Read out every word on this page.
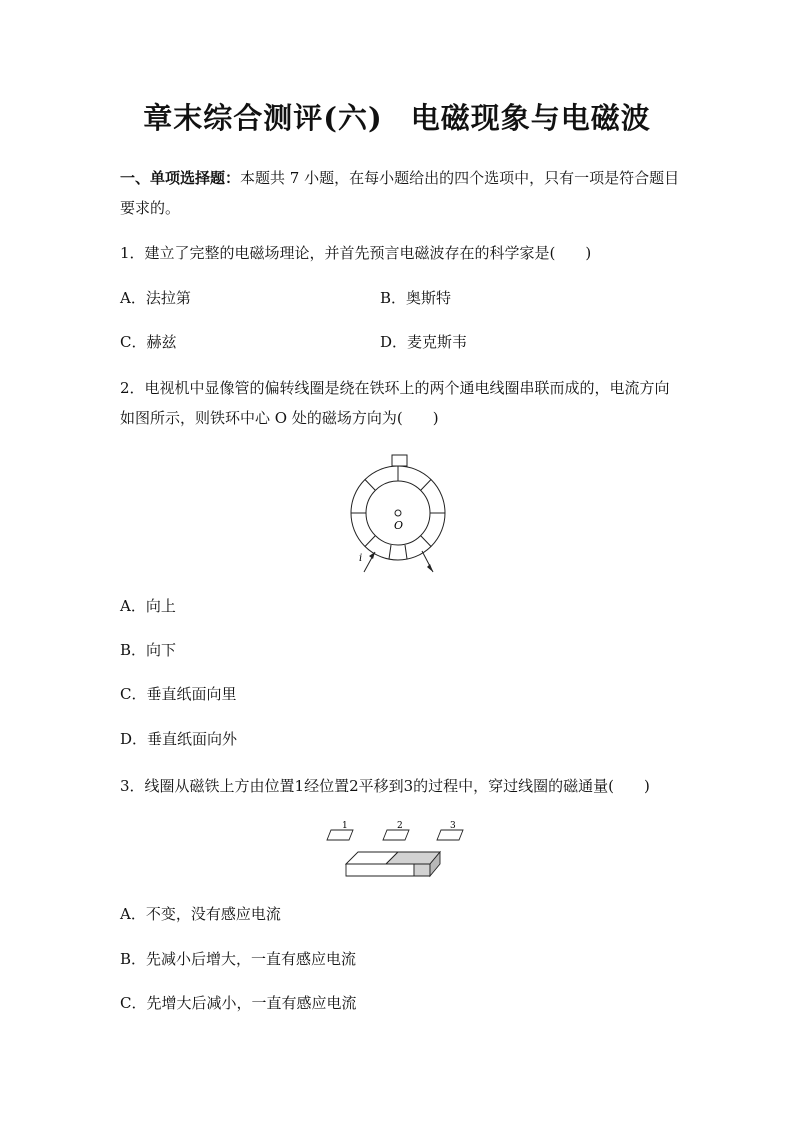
章末综合测评(六) 电磁现象与电磁波
一、单项选择题：本题共 7 小题，在每小题给出的四个选项中，只有一项是符合题目要求的。
1．建立了完整的电磁场理论，并首先预言电磁波存在的科学家是(　　)
A．法拉第	B．奥斯特
C．赫兹	D．麦克斯韦
2．电视机中显像管的偏转线圈是绕在铁环上的两个通电线圈串联而成的，电流方向如图所示，则铁环中心 O 处的磁场方向为(　　)
O
i
A．向上
B．向下
C．垂直纸面向里
D．垂直纸面向外
3．线圈从磁铁上方由位置1经位置2平移到3的过程中，穿过线圈的磁通量(　　)
1	2	3
A．不变，没有感应电流
B．先减小后增大，一直有感应电流
C．先增大后减小，一直有感应电流
